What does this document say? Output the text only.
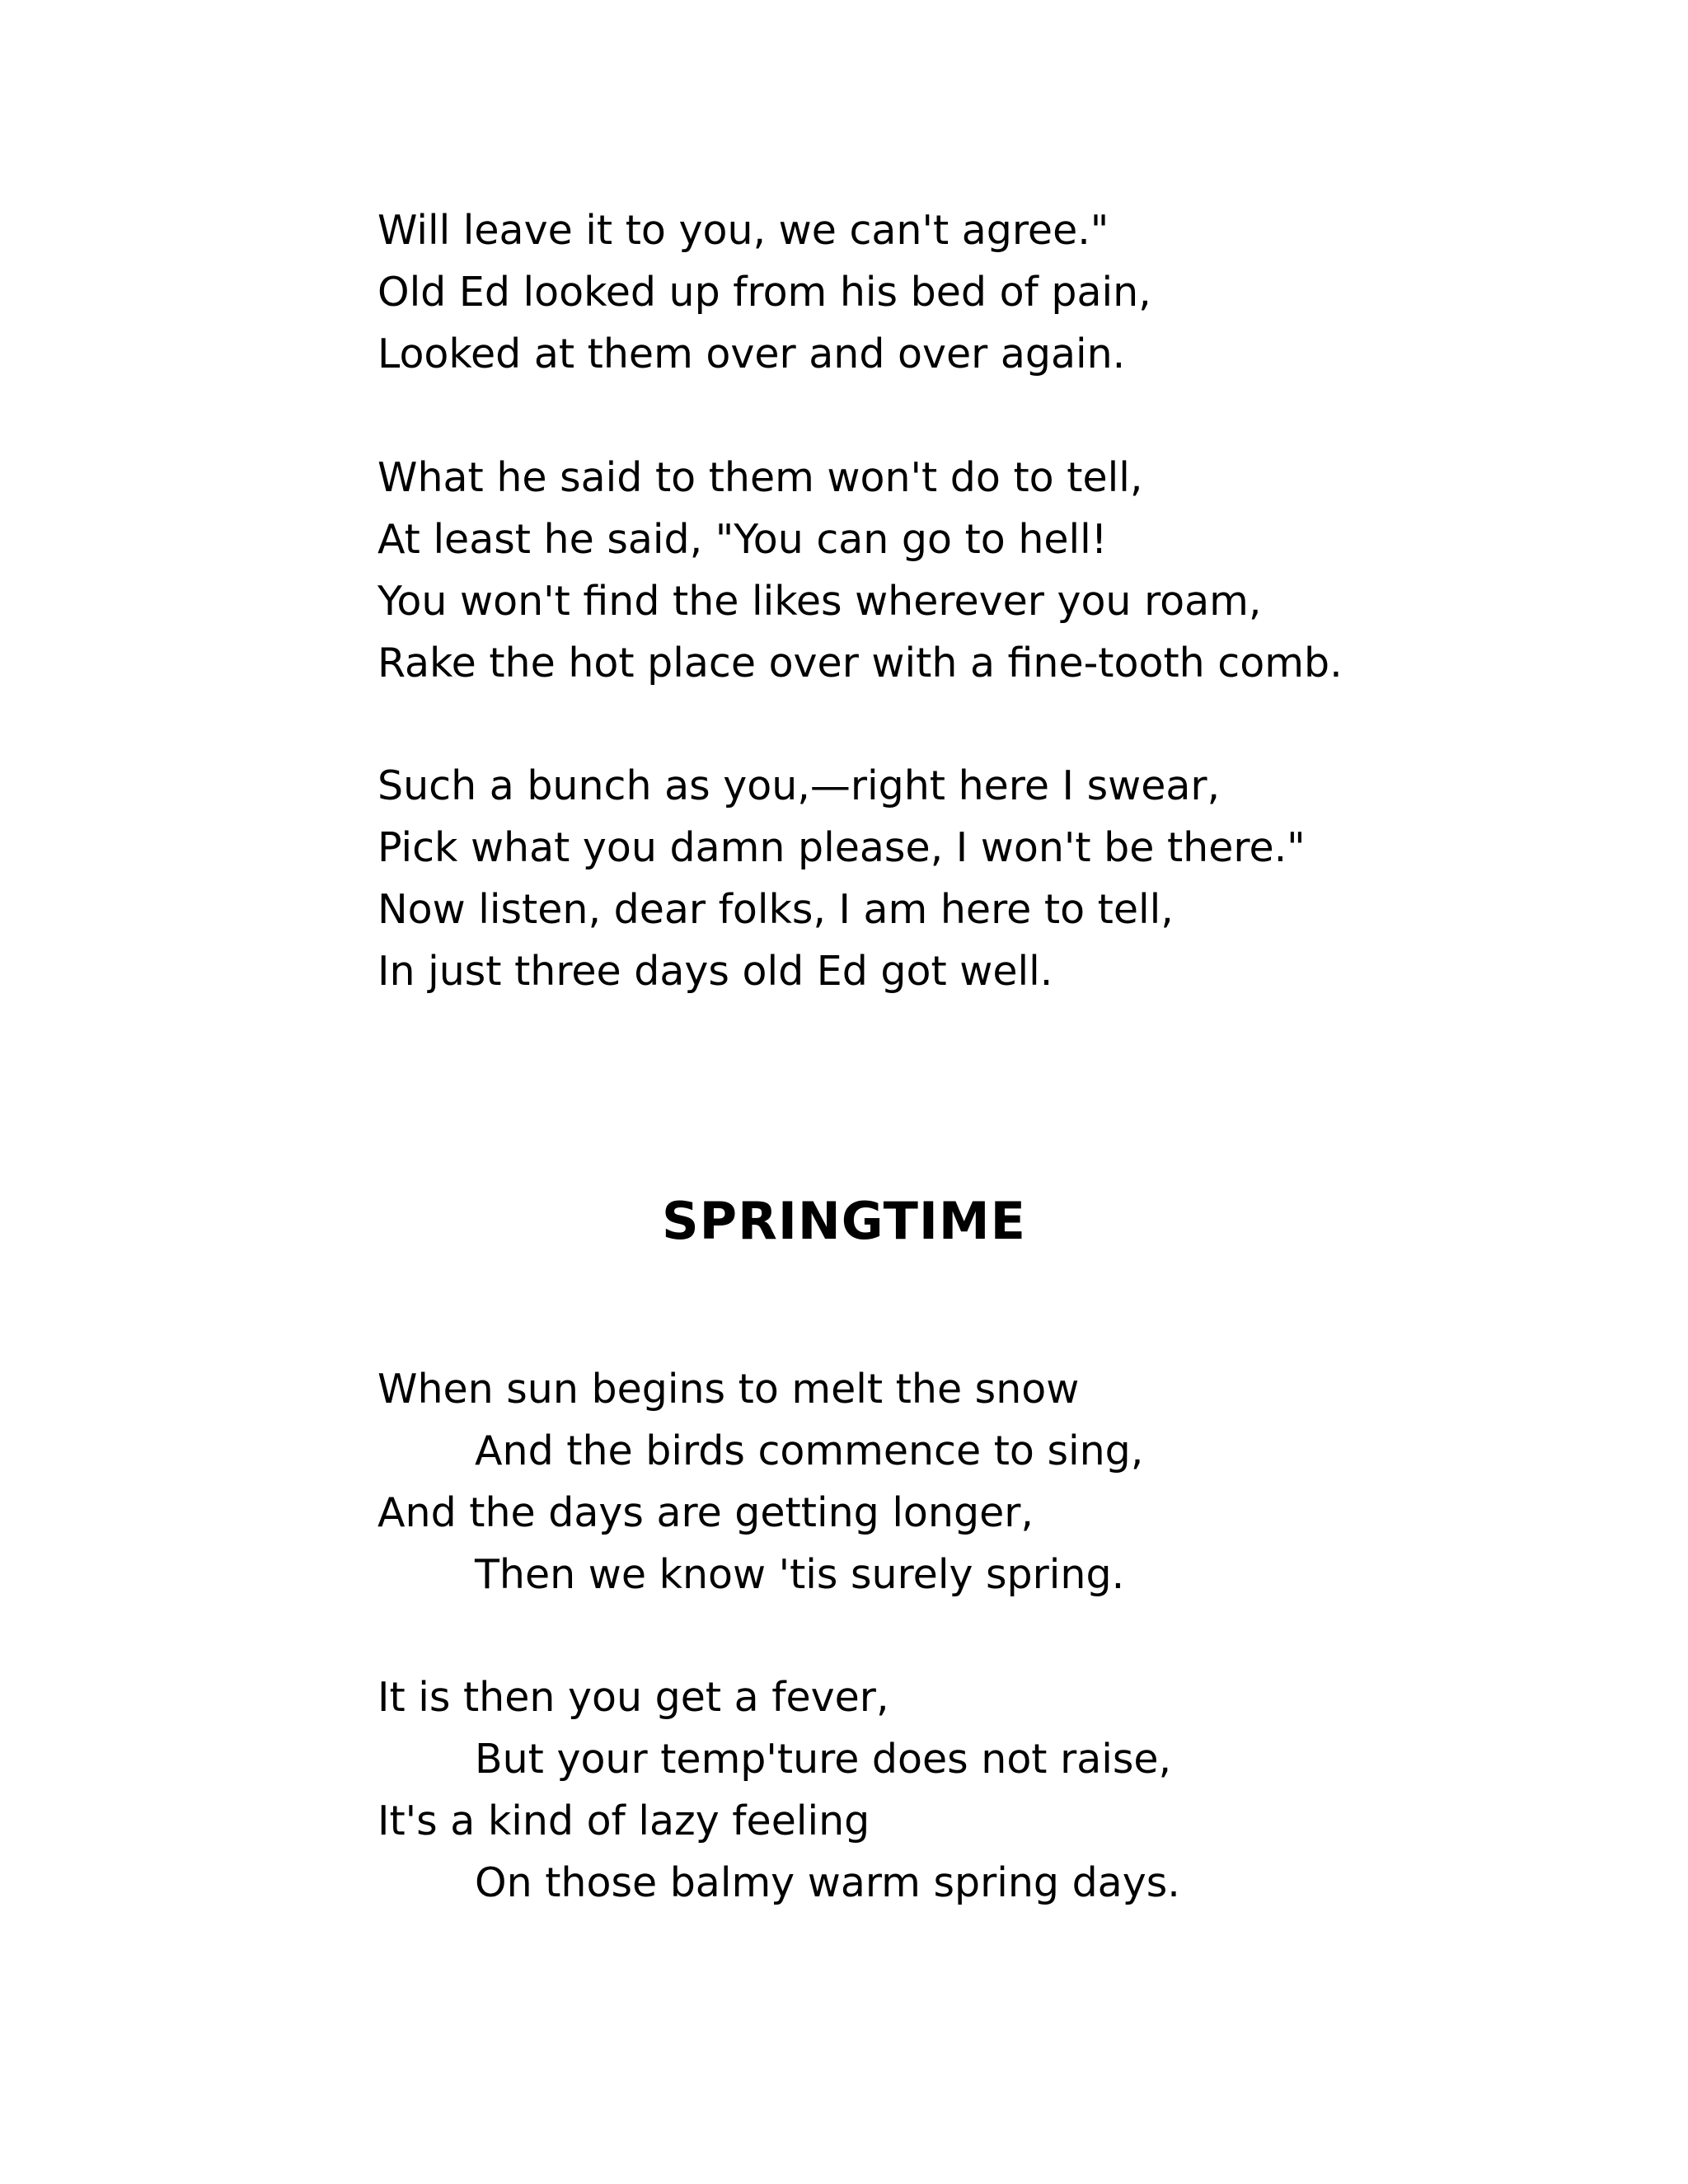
Will leave it to you, we can't agree."
Old Ed looked up from his bed of pain,
Looked at them over and over again.
What he said to them won't do to tell,
At least he said, "You can go to hell!
You won't find the likes wherever you roam,
Rake the hot place over with a fine-tooth comb.
Such a bunch as you,—right here I swear,
Pick what you damn please, I won't be there."
Now listen, dear folks, I am here to tell,
In just three days old Ed got well.
SPRINGTIME
When sun begins to melt the snow
And the birds commence to sing,
And the days are getting longer,
Then we know 'tis surely spring.
It is then you get a fever,
But your temp'ture does not raise,
It's a kind of lazy feeling
On those balmy warm spring days.
